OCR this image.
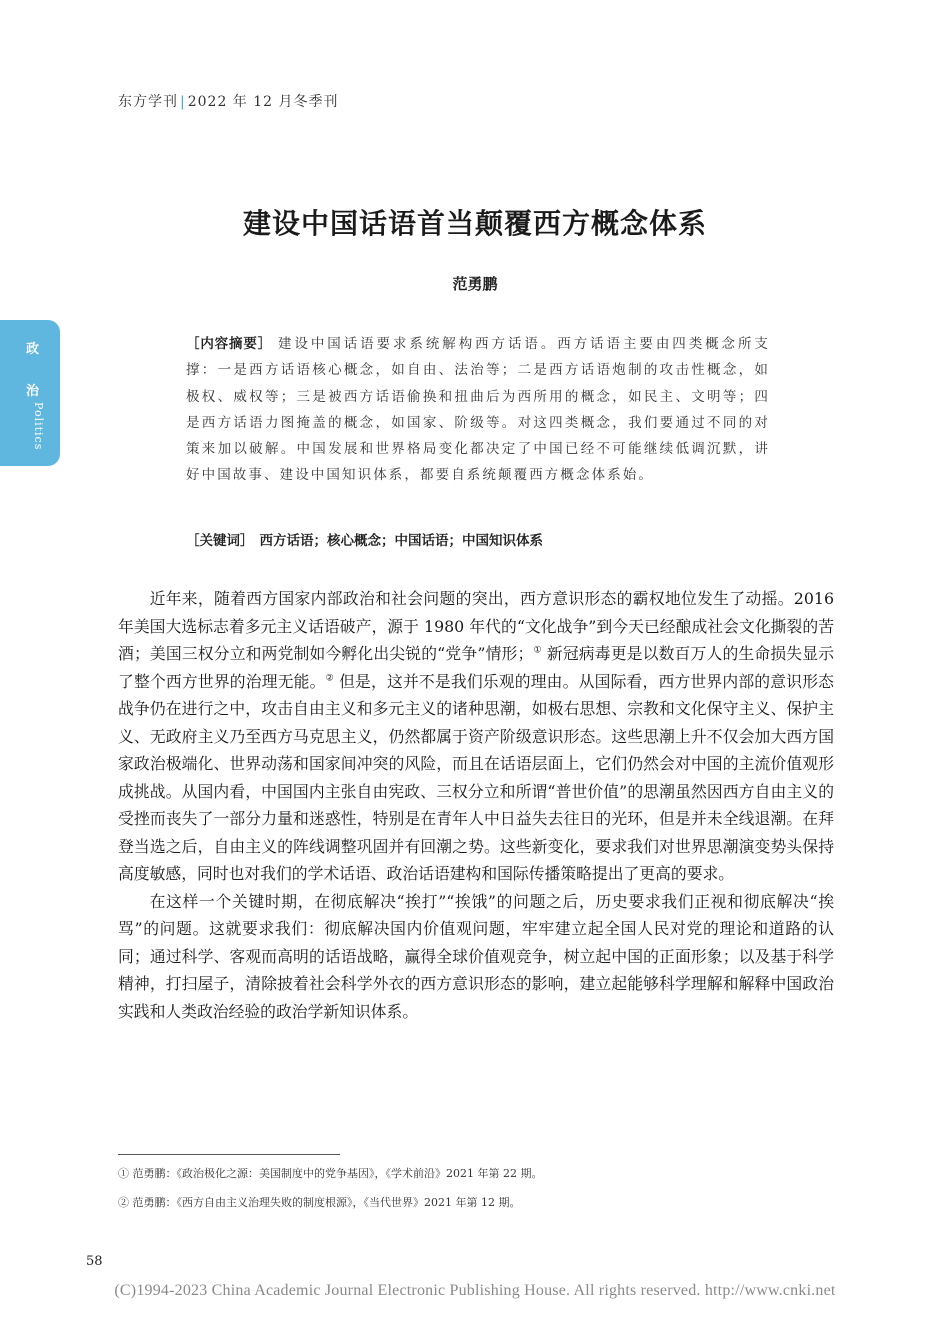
东方学刊 | 2022 年 12 月冬季刊
政
治
Politics
建设中国话语首当颠覆西方概念体系
范勇鹏
［内容摘要］ 建设中国话语要求系统解构西方话语。西方话语主要由四类概念所支撑：一是西方话语核心概念，如自由、法治等；二是西方话语炮制的攻击性概念，如极权、威权等；三是被西方话语偷换和扭曲后为西所用的概念，如民主、文明等；四是西方话语力图掩盖的概念，如国家、阶级等。对这四类概念，我们要通过不同的对策来加以破解。中国发展和世界格局变化都决定了中国已经不可能继续低调沉默，讲好中国故事、建设中国知识体系，都要自系统颠覆西方概念体系始。
［关键词］ 西方话语；核心概念；中国话语；中国知识体系

近年来，随着西方国家内部政治和社会问题的突出，西方意识形态的霸权地位发生了动摇。2016 年美国大选标志着多元主义话语破产，源于 1980 年代的“文化战争”到今天已经酿成社会文化撕裂的苦酒；美国三权分立和两党制如今孵化出尖锐的“党争”情形；① 新冠病毒更是以数百万人的生命损失显示了整个西方世界的治理无能。② 但是，这并不是我们乐观的理由。从国际看，西方世界内部的意识形态战争仍在进行之中，攻击自由主义和多元主义的诸种思潮，如极右思想、宗教和文化保守主义、保护主义、无政府主义乃至西方马克思主义，仍然都属于资产阶级意识形态。这些思潮上升不仅会加大西方国家政治极端化、世界动荡和国家间冲突的风险，而且在话语层面上，它们仍然会对中国的主流价值观形成挑战。从国内看，中国国内主张自由宪政、三权分立和所谓“普世价值”的思潮虽然因西方自由主义的受挫而丧失了一部分力量和迷惑性，特别是在青年人中日益失去往日的光环，但是并未全线退潮。在拜登当选之后，自由主义的阵线调整巩固并有回潮之势。这些新变化，要求我们对世界思潮演变势头保持高度敏感，同时也对我们的学术话语、政治话语建构和国际传播策略提出了更高的要求。

在这样一个关键时期，在彻底解决“挨打”“挨饿”的问题之后，历史要求我们正视和彻底解决“挨骂”的问题。这就要求我们：彻底解决国内价值观问题，牢牢建立起全国人民对党的理论和道路的认同；通过科学、客观而高明的话语战略，赢得全球价值观竞争，树立起中国的正面形象；以及基于科学精神，打扫屋子，清除披着社会科学外衣的西方意识形态的影响，建立起能够科学理解和解释中国政治实践和人类政治经验的政治学新知识体系。

① 范勇鹏：《政治极化之源：美国制度中的党争基因》，《学术前沿》2021 年第 22 期。
② 范勇鹏：《西方自由主义治理失败的制度根源》，《当代世界》2021 年第 12 期。
58
(C)1994-2023 China Academic Journal Electronic Publishing House. All rights reserved. http://www.cnki.net
